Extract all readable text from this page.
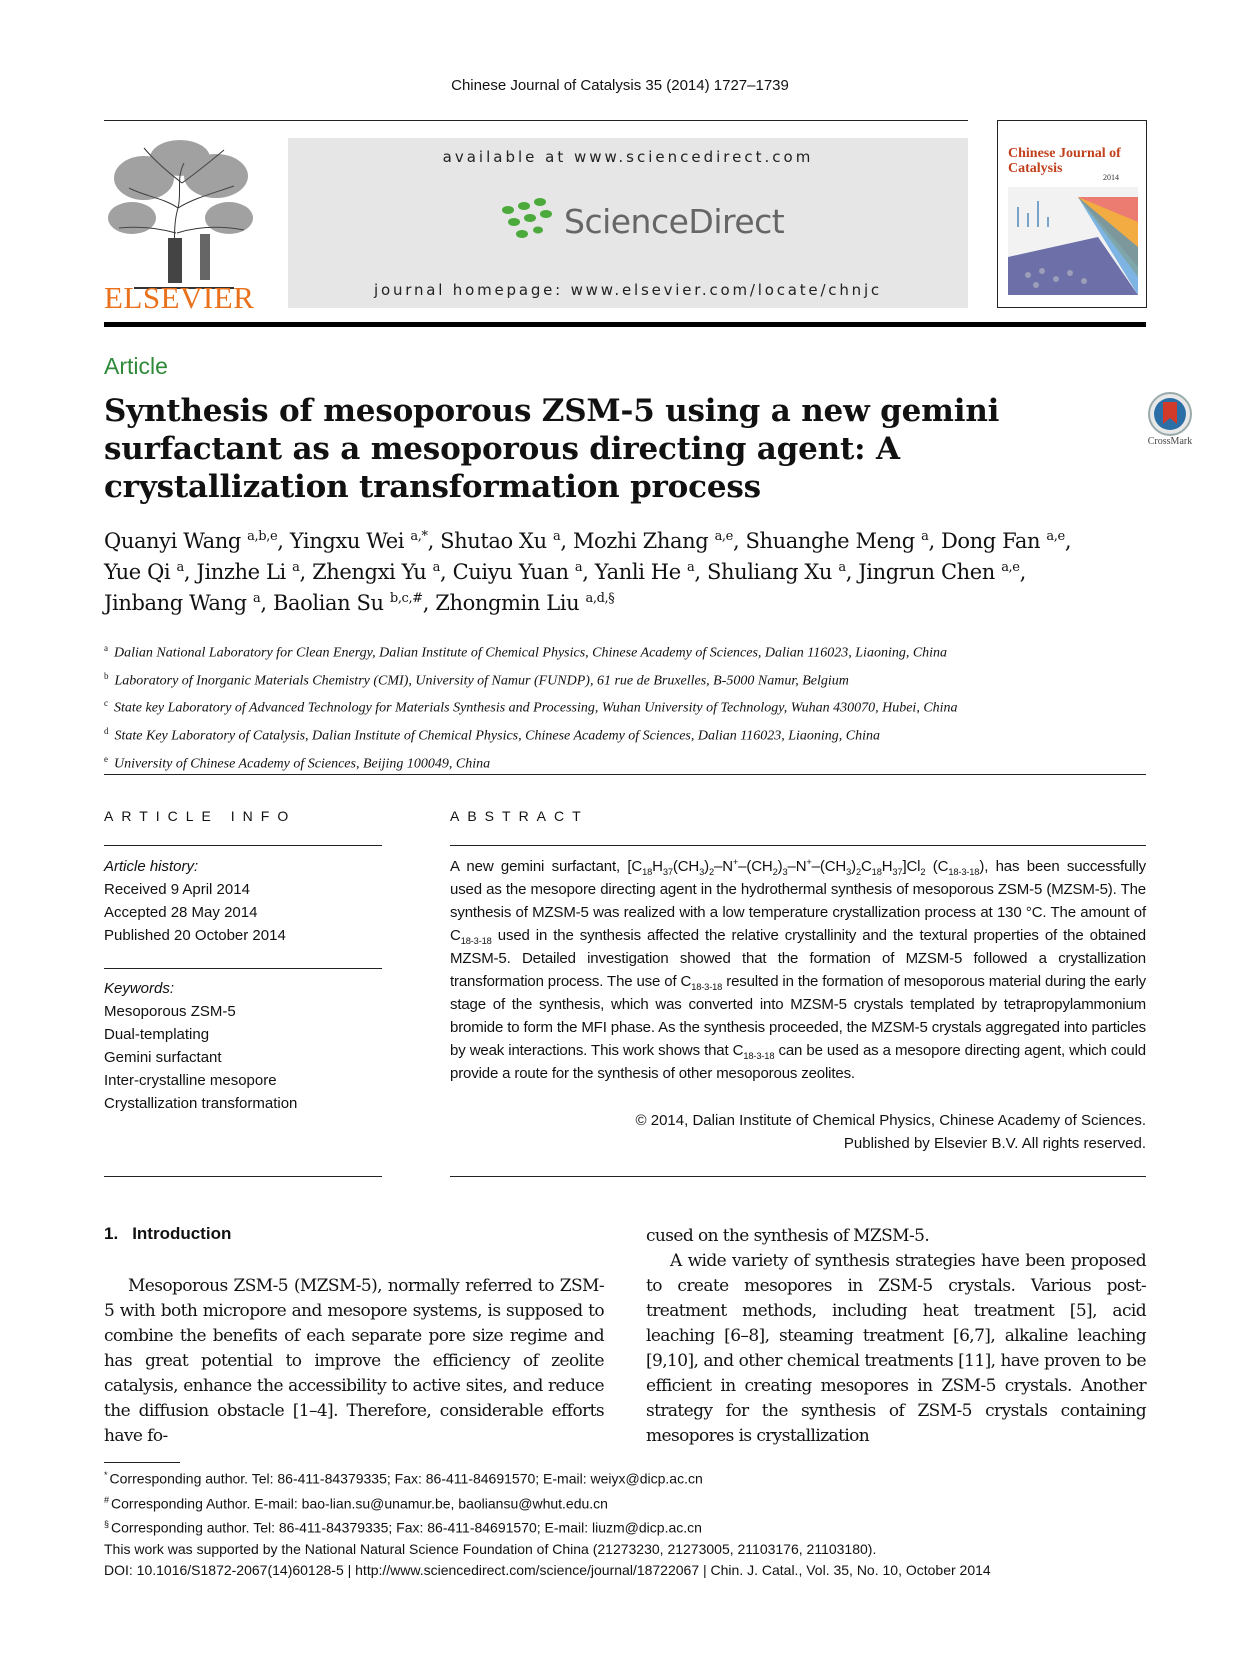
Chinese Journal of Catalysis 35 (2014) 1727–1739
ELSEVIER
available at www.sciencedirect.com
ScienceDirect
journal homepage: www.elsevier.com/locate/chnjc
Chinese Journal of Catalysis
2014
Article
Synthesis of mesoporous ZSM-5 using a new gemini surfactant as a mesoporous directing agent: A crystallization transformation process
CrossMark
Quanyi Wang $^{a,b,e}$, Yingxu Wei $^{a,*}$, Shutao Xu $^a$, Mozhi Zhang $^{a,e}$, Shuanghe Meng $^a$, Dong Fan $^{a,e}$,
Yue Qi $^a$, Jinzhe Li $^a$, Zhengxi Yu $^a$, Cuiyu Yuan $^a$, Yanli He $^a$, Shuliang Xu $^a$, Jingrun Chen $^{a,e}$,
Jinbang Wang $^a$, Baolian Su $^{b,c,\#}$, Zhongmin Liu $^{a,d,\S}$
$^a$ Dalian National Laboratory for Clean Energy, Dalian Institute of Chemical Physics, Chinese Academy of Sciences, Dalian 116023, Liaoning, China
$^b$ Laboratory of Inorganic Materials Chemistry (CMI), University of Namur (FUNDP), 61 rue de Bruxelles, B-5000 Namur, Belgium
$^c$ State key Laboratory of Advanced Technology for Materials Synthesis and Processing, Wuhan University of Technology, Wuhan 430070, Hubei, China
$^d$ State Key Laboratory of Catalysis, Dalian Institute of Chemical Physics, Chinese Academy of Sciences, Dalian 116023, Liaoning, China
$^e$ University of Chinese Academy of Sciences, Beijing 100049, China
ARTICLE INFO
Article history:
Received 9 April 2014
Accepted 28 May 2014
Published 20 October 2014
Keywords:
Mesoporous ZSM-5
Dual-templating
Gemini surfactant
Inter-crystalline mesopore
Crystallization transformation
ABSTRACT
A new gemini surfactant, $[C_{18}H_{37}(CH_3)_2-N^+-(CH_2)_3-N^+-(CH_3)_2C_{18}H_{37}]Cl_2$ $(C_{18-3-18})$, has been successfully used as the mesopore directing agent in the hydrothermal synthesis of mesoporous ZSM-5 (MZSM-5). The synthesis of MZSM-5 was realized with a low temperature crystallization process at 130 °C. The amount of $C_{18-3-18}$ used in the synthesis affected the relative crystallinity and the textural properties of the obtained MZSM-5. Detailed investigation showed that the formation of MZSM-5 followed a crystallization transformation process. The use of $C_{18-3-18}$ resulted in the formation of mesoporous material during the early stage of the synthesis, which was converted into MZSM-5 crystals templated by tetrapropylammonium bromide to form the MFI phase. As the synthesis proceeded, the MZSM-5 crystals aggregated into particles by weak interactions. This work shows that $C_{18-3-18}$ can be used as a mesopore directing agent, which could provide a route for the synthesis of other mesoporous zeolites.
© 2014, Dalian Institute of Chemical Physics, Chinese Academy of Sciences.
Published by Elsevier B.V. All rights reserved.
1. Introduction

Mesoporous ZSM-5 (MZSM-5), normally referred to ZSM-5 with both micropore and mesopore systems, is supposed to combine the benefits of each separate pore size regime and has great potential to improve the efficiency of zeolite catalysis, enhance the accessibility to active sites, and reduce the diffusion obstacle [1–4]. Therefore, considerable efforts have fo-

cused on the synthesis of MZSM-5.

A wide variety of synthesis strategies have been proposed to create mesopores in ZSM-5 crystals. Various post-treatment methods, including heat treatment [5], acid leaching [6–8], steaming treatment [6,7], alkaline leaching [9,10], and other chemical treatments [11], have proven to be efficient in creating mesopores in ZSM-5 crystals. Another strategy for the synthesis of ZSM-5 crystals containing mesopores is crystallization

* Corresponding author. Tel: 86-411-84379335; Fax: 86-411-84691570; E-mail: weiyx@dicp.ac.cn
# Corresponding Author. E-mail: bao-lian.su@unamur.be, baoliansu@whut.edu.cn
§ Corresponding author. Tel: 86-411-84379335; Fax: 86-411-84691570; E-mail: liuzm@dicp.ac.cn
This work was supported by the National Natural Science Foundation of China (21273230, 21273005, 21103176, 21103180).
DOI: 10.1016/S1872-2067(14)60128-5 | http://www.sciencedirect.com/science/journal/18722067 | Chin. J. Catal., Vol. 35, No. 10, October 2014
